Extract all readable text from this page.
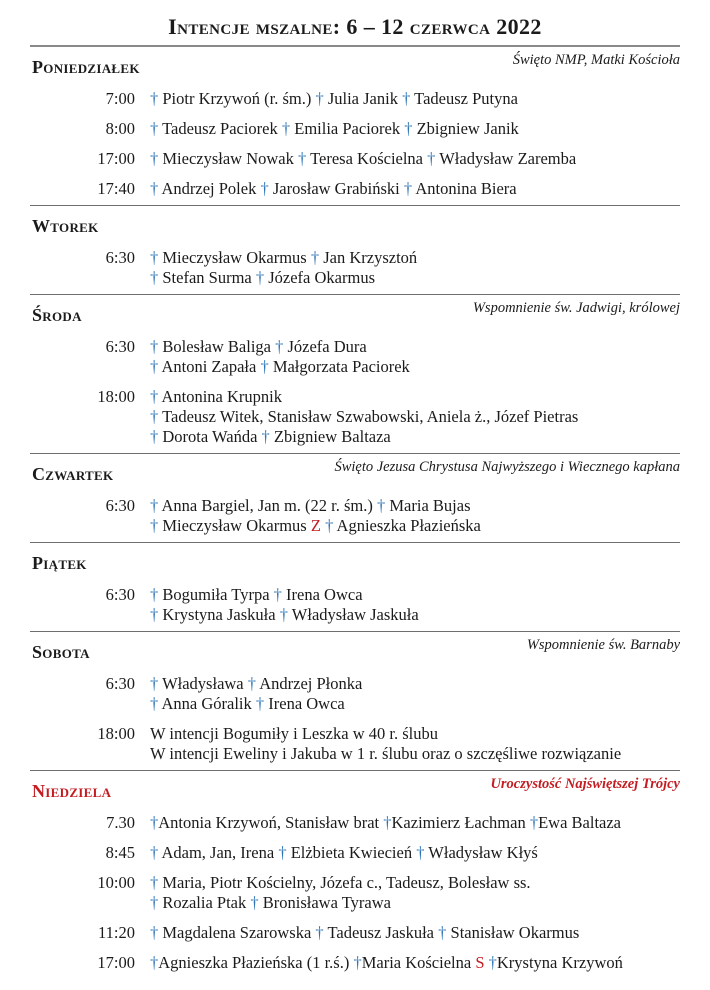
Intencje mszalne: 6 – 12 czerwca 2022
Poniedziałek	Święto NMP, Matki Kościoła
7:00 † Piotr Krzywoń (r. śm.) † Julia Janik † Tadeusz Putyna
8:00 † Tadeusz Paciorek † Emilia Paciorek † Zbigniew Janik
17:00 † Mieczysław Nowak † Teresa Kościelna † Władysław Zaremba
17:40 † Andrzej Polek † Jarosław Grabiński † Antonina Biera
Wtorek
6:30 † Mieczysław Okarmus † Jan Krzysztoń
† Stefan Surma † Józefa Okarmus
Środa	Wspomnienie św. Jadwigi, królowej
6:30 † Bolesław Baliga † Józefa Dura
† Antoni Zapała † Małgorzata Paciorek
18:00 † Antonina Krupnik
† Tadeusz Witek, Stanisław Szwabowski, Aniela ż., Józef Pietras
† Dorota Wańda † Zbigniew Baltaza
Czwartek	Święto Jezusa Chrystusa Najwyższego i Wiecznego kapłana
6:30 † Anna Bargiel, Jan m. (22 r. śm.) † Maria Bujas
† Mieczysław Okarmus Z † Agnieszka Płazieńska
Piątek
6:30 † Bogumiła Tyrpa † Irena Owca
† Krystyna Jaskuła † Władysław Jaskuła
Sobota	Wspomnienie św. Barnaby
6:30 † Władysława † Andrzej Płonka
† Anna Góralik † Irena Owca
18:00 W intencji Bogumiły i Leszka w 40 r. ślubu
W intencji Eweliny i Jakuba w 1 r. ślubu oraz o szczęśliwe rozwiązanie
Niedziela	Uroczystość Najświętszej Trójcy
7.30 †Antonia Krzywoń, Stanisław brat †Kazimierz Łachman †Ewa Baltaza
8:45 † Adam, Jan, Irena † Elżbieta Kwiecień † Władysław Kłyś
10:00 † Maria, Piotr Kościelny, Józefa c., Tadeusz, Bolesław ss.
† Rozalia Ptak † Bronisława Tyrawa
11:20 † Magdalena Szarowska † Tadeusz Jaskuła † Stanisław Okarmus
17:00 †Agnieszka Płazieńska (1 r.ś.) †Maria Kościelna S †Krystyna Krzywoń
